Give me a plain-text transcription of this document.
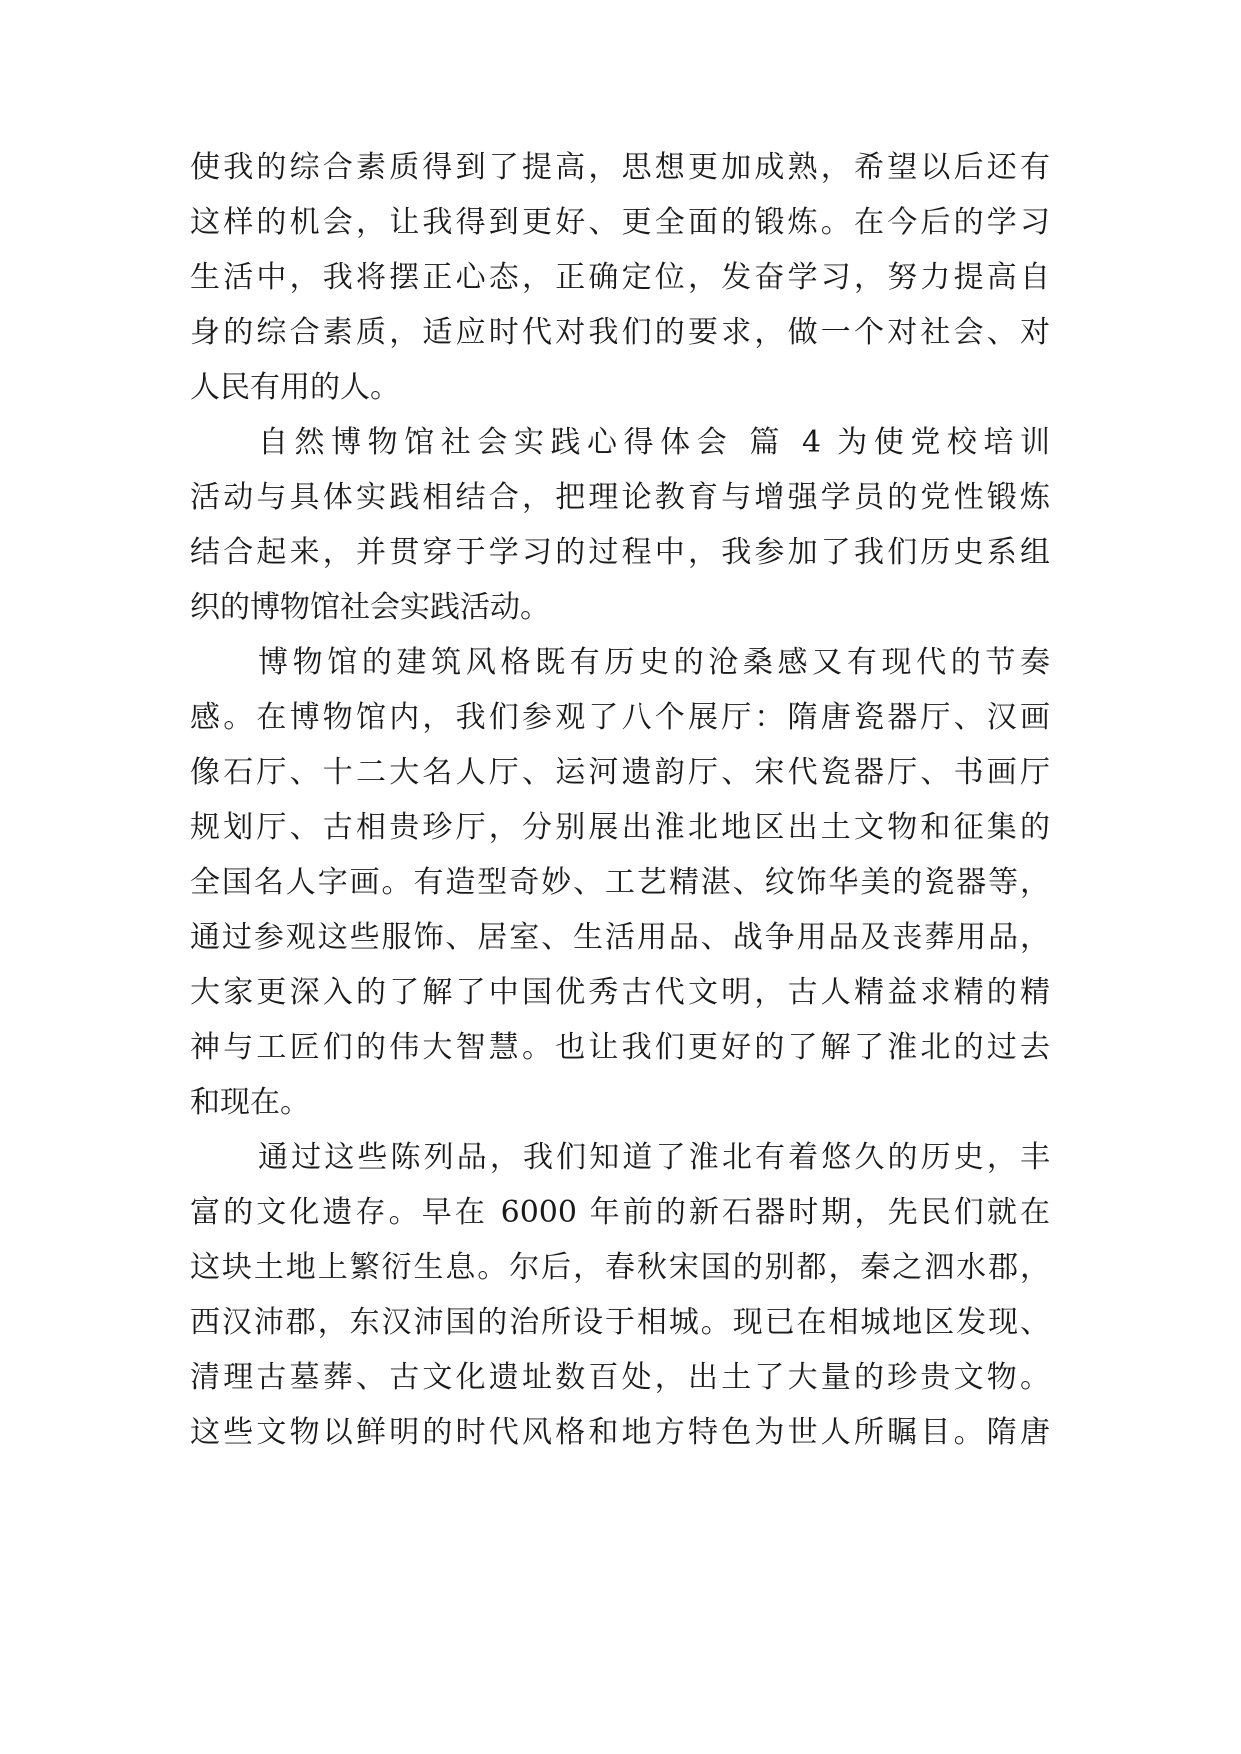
使我的综合素质得到了提高，思想更加成熟，希望以后还有
这样的机会，让我得到更好、更全面的锻炼。在今后的学习
生活中，我将摆正心态，正确定位，发奋学习，努力提高自
身的综合素质，适应时代对我们的要求，做一个对社会、对
人民有用的人。
自然博物馆社会实践心得体会 篇 4 为使党校培训
活动与具体实践相结合，把理论教育与增强学员的党性锻炼
结合起来，并贯穿于学习的过程中，我参加了我们历史系组
织的博物馆社会实践活动。
博物馆的建筑风格既有历史的沧桑感又有现代的节奏
感。在博物馆内，我们参观了八个展厅：隋唐瓷器厅、汉画
像石厅、十二大名人厅、运河遗韵厅、宋代瓷器厅、书画厅
规划厅、古相贵珍厅，分别展出淮北地区出土文物和征集的
全国名人字画。有造型奇妙、工艺精湛、纹饰华美的瓷器等，
通过参观这些服饰、居室、生活用品、战争用品及丧葬用品，
大家更深入的了解了中国优秀古代文明，古人精益求精的精
神与工匠们的伟大智慧。也让我们更好的了解了淮北的过去
和现在。
通过这些陈列品，我们知道了淮北有着悠久的历史，丰
富的文化遗存。早在 6000 年前的新石器时期，先民们就在
这块土地上繁衍生息。尔后，春秋宋国的别都，秦之泗水郡，
西汉沛郡，东汉沛国的治所设于相城。现已在相城地区发现、
清理古墓葬、古文化遗址数百处，出土了大量的珍贵文物。
这些文物以鲜明的时代风格和地方特色为世人所瞩目。隋唐
